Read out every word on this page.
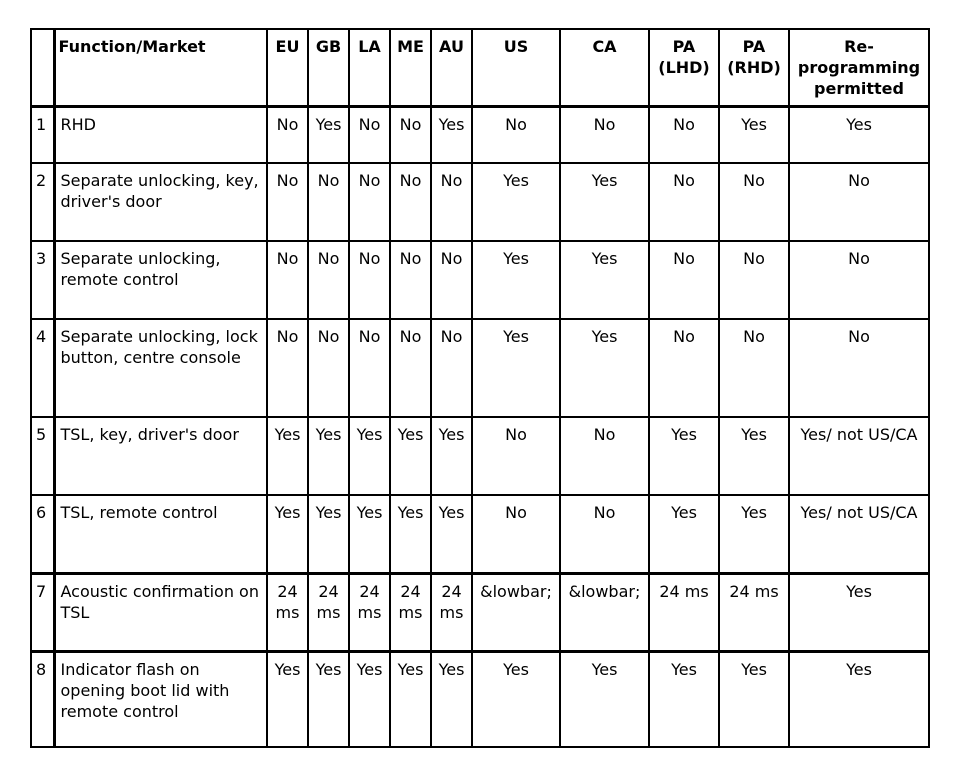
	Function/Market	EU	GB	LA	ME	AU	US	CA	PA (LHD)	PA (RHD)	Re-programming permitted
1	RHD	No	Yes	No	No	Yes	No	No	No	Yes	Yes
2	Separate unlocking, key, driver's door	No	No	No	No	No	Yes	Yes	No	No	No
3	Separate unlocking, remote control	No	No	No	No	No	Yes	Yes	No	No	No
4	Separate unlocking, lock button, centre console	No	No	No	No	No	Yes	Yes	No	No	No
5	TSL, key, driver's door	Yes	Yes	Yes	Yes	Yes	No	No	Yes	Yes	Yes/ not US/CA
6	TSL, remote control	Yes	Yes	Yes	Yes	Yes	No	No	Yes	Yes	Yes/ not US/CA
7	Acoustic confirmation on TSL	24 ms	24 ms	24 ms	24 ms	24 ms	&lowbar;	&lowbar;	24 ms	24 ms	Yes
8	Indicator flash on opening boot lid with remote control	Yes	Yes	Yes	Yes	Yes	Yes	Yes	Yes	Yes	Yes
